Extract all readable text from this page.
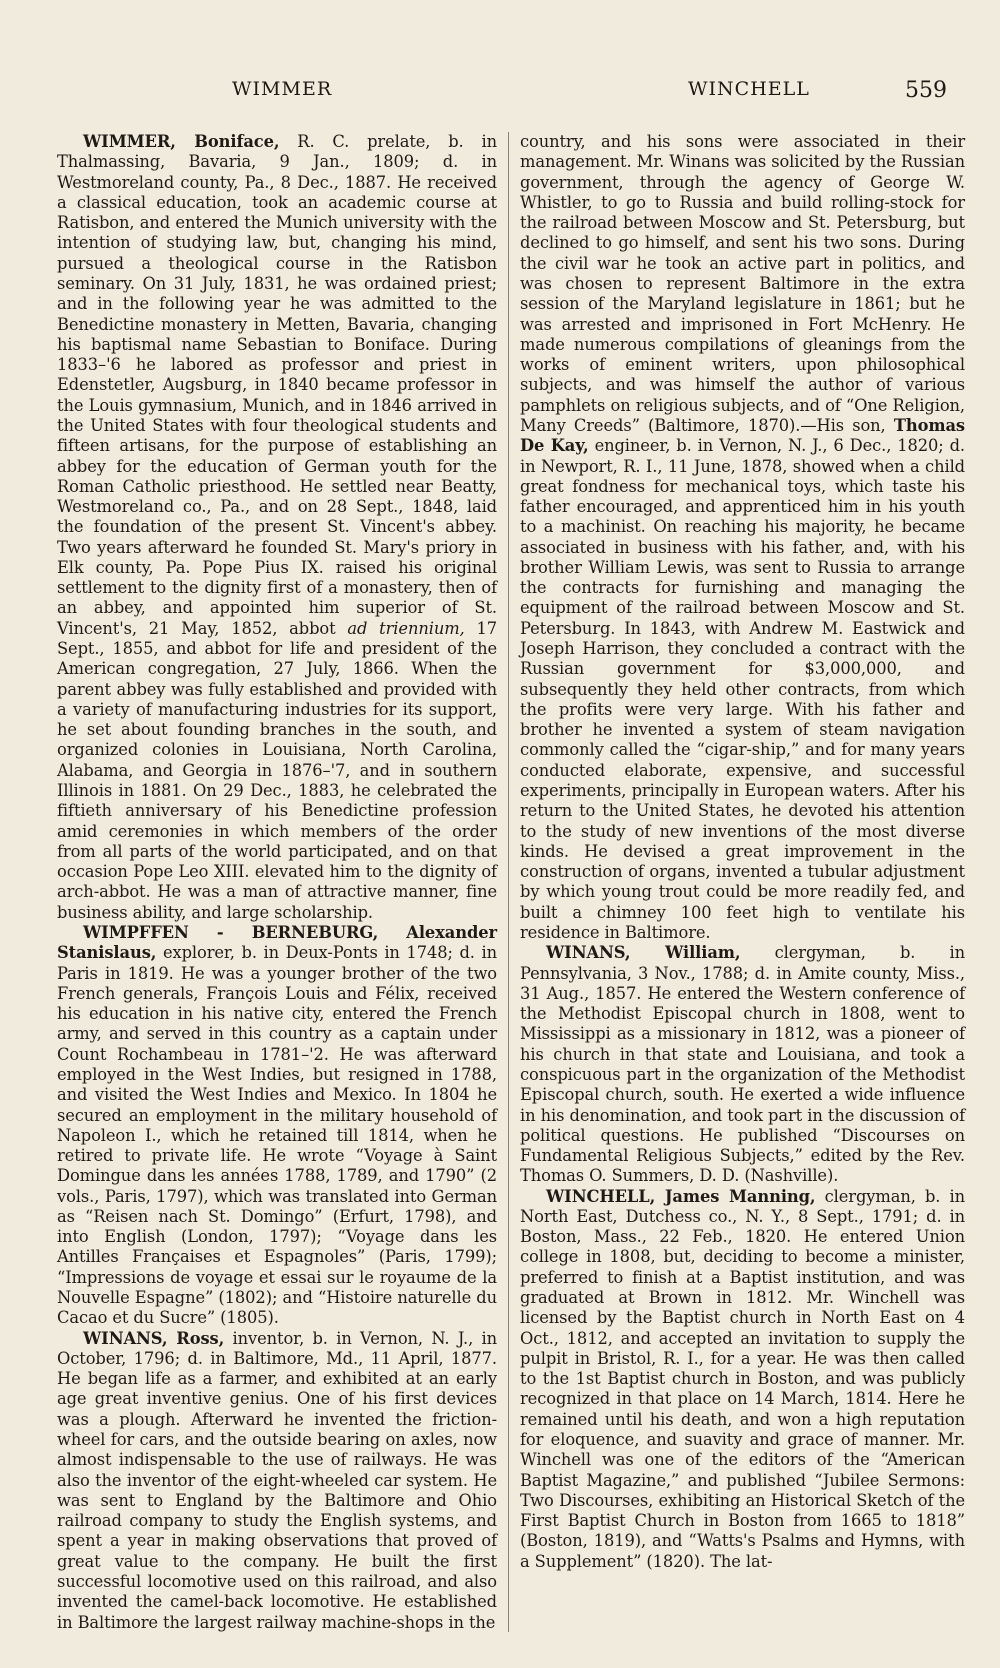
WIMMER	WINCHELL	559

WIMMER, Boniface, R. C. prelate, b. in Thalmassing, Bavaria, 9 Jan., 1809; d. in Westmoreland county, Pa., 8 Dec., 1887. He received a classical education, took an academic course at Ratisbon, and entered the Munich university with the intention of studying law, but, changing his mind, pursued a theological course in the Ratisbon seminary. On 31 July, 1831, he was ordained priest; and in the following year he was admitted to the Benedictine monastery in Metten, Bavaria, changing his baptismal name Sebastian to Boniface. During 1833–'6 he labored as professor and priest in Edenstetler, Augsburg, in 1840 became professor in the Louis gymnasium, Munich, and in 1846 arrived in the United States with four theological students and fifteen artisans, for the purpose of establishing an abbey for the education of German youth for the Roman Catholic priesthood. He settled near Beatty, Westmoreland co., Pa., and on 28 Sept., 1848, laid the foundation of the present St. Vincent's abbey. Two years afterward he founded St. Mary's priory in Elk county, Pa. Pope Pius IX. raised his original settlement to the dignity first of a monastery, then of an abbey, and appointed him superior of St. Vincent's, 21 May, 1852, abbot ad triennium, 17 Sept., 1855, and abbot for life and president of the American congregation, 27 July, 1866. When the parent abbey was fully established and provided with a variety of manufacturing industries for its support, he set about founding branches in the south, and organized colonies in Louisiana, North Carolina, Alabama, and Georgia in 1876–'7, and in southern Illinois in 1881. On 29 Dec., 1883, he celebrated the fiftieth anniversary of his Benedictine profession amid ceremonies in which members of the order from all parts of the world participated, and on that occasion Pope Leo XIII. elevated him to the dignity of arch-abbot. He was a man of attractive manner, fine business ability, and large scholarship.

WIMPFFEN - BERNEBURG, Alexander Stanislaus, explorer, b. in Deux-Ponts in 1748; d. in Paris in 1819. He was a younger brother of the two French generals, François Louis and Félix, received his education in his native city, entered the French army, and served in this country as a captain under Count Rochambeau in 1781–'2. He was afterward employed in the West Indies, but resigned in 1788, and visited the West Indies and Mexico. In 1804 he secured an employment in the military household of Napoleon I., which he retained till 1814, when he retired to private life. He wrote “Voyage à Saint Domingue dans les années 1788, 1789, and 1790” (2 vols., Paris, 1797), which was translated into German as “Reisen nach St. Domingo” (Erfurt, 1798), and into English (London, 1797); “Voyage dans les Antilles Françaises et Espagnoles” (Paris, 1799); “Impressions de voyage et essai sur le royaume de la Nouvelle Espagne” (1802); and “Histoire naturelle du Cacao et du Sucre” (1805).

WINANS, Ross, inventor, b. in Vernon, N. J., in October, 1796; d. in Baltimore, Md., 11 April, 1877. He began life as a farmer, and exhibited at an early age great inventive genius. One of his first devices was a plough. Afterward he invented the friction-wheel for cars, and the outside bearing on axles, now almost indispensable to the use of railways. He was also the inventor of the eight-wheeled car system. He was sent to England by the Baltimore and Ohio railroad company to study the English systems, and spent a year in making observations that proved of great value to the company. He built the first successful locomotive used on this railroad, and also invented the camel-back locomotive. He established in Baltimore the largest railway machine-shops in the

country, and his sons were associated in their management. Mr. Winans was solicited by the Russian government, through the agency of George W. Whistler, to go to Russia and build rolling-stock for the railroad between Moscow and St. Petersburg, but declined to go himself, and sent his two sons. During the civil war he took an active part in politics, and was chosen to represent Baltimore in the extra session of the Maryland legislature in 1861; but he was arrested and imprisoned in Fort McHenry. He made numerous compilations of gleanings from the works of eminent writers, upon philosophical subjects, and was himself the author of various pamphlets on religious subjects, and of “One Religion, Many Creeds” (Baltimore, 1870).—His son, Thomas De Kay, engineer, b. in Vernon, N. J., 6 Dec., 1820; d. in Newport, R. I., 11 June, 1878, showed when a child great fondness for mechanical toys, which taste his father encouraged, and apprenticed him in his youth to a machinist. On reaching his majority, he became associated in business with his father, and, with his brother William Lewis, was sent to Russia to arrange the contracts for furnishing and managing the equipment of the railroad between Moscow and St. Petersburg. In 1843, with Andrew M. Eastwick and Joseph Harrison, they concluded a contract with the Russian government for $3,000,000, and subsequently they held other contracts, from which the profits were very large. With his father and brother he invented a system of steam navigation commonly called the “cigar-ship,” and for many years conducted elaborate, expensive, and successful experiments, principally in European waters. After his return to the United States, he devoted his attention to the study of new inventions of the most diverse kinds. He devised a great improvement in the construction of organs, invented a tubular adjustment by which young trout could be more readily fed, and built a chimney 100 feet high to ventilate his residence in Baltimore.

WINANS, William, clergyman, b. in Pennsylvania, 3 Nov., 1788; d. in Amite county, Miss., 31 Aug., 1857. He entered the Western conference of the Methodist Episcopal church in 1808, went to Mississippi as a missionary in 1812, was a pioneer of his church in that state and Louisiana, and took a conspicuous part in the organization of the Methodist Episcopal church, south. He exerted a wide influence in his denomination, and took part in the discussion of political questions. He published “Discourses on Fundamental Religious Subjects,” edited by the Rev. Thomas O. Summers, D. D. (Nashville).

WINCHELL, James Manning, clergyman, b. in North East, Dutchess co., N. Y., 8 Sept., 1791; d. in Boston, Mass., 22 Feb., 1820. He entered Union college in 1808, but, deciding to become a minister, preferred to finish at a Baptist institution, and was graduated at Brown in 1812. Mr. Winchell was licensed by the Baptist church in North East on 4 Oct., 1812, and accepted an invitation to supply the pulpit in Bristol, R. I., for a year. He was then called to the 1st Baptist church in Boston, and was publicly recognized in that place on 14 March, 1814. Here he remained until his death, and won a high reputation for eloquence, and suavity and grace of manner. Mr. Winchell was one of the editors of the “American Baptist Magazine,” and published “Jubilee Sermons: Two Discourses, exhibiting an Historical Sketch of the First Baptist Church in Boston from 1665 to 1818” (Boston, 1819), and “Watts's Psalms and Hymns, with a Supplement” (1820). The lat-
